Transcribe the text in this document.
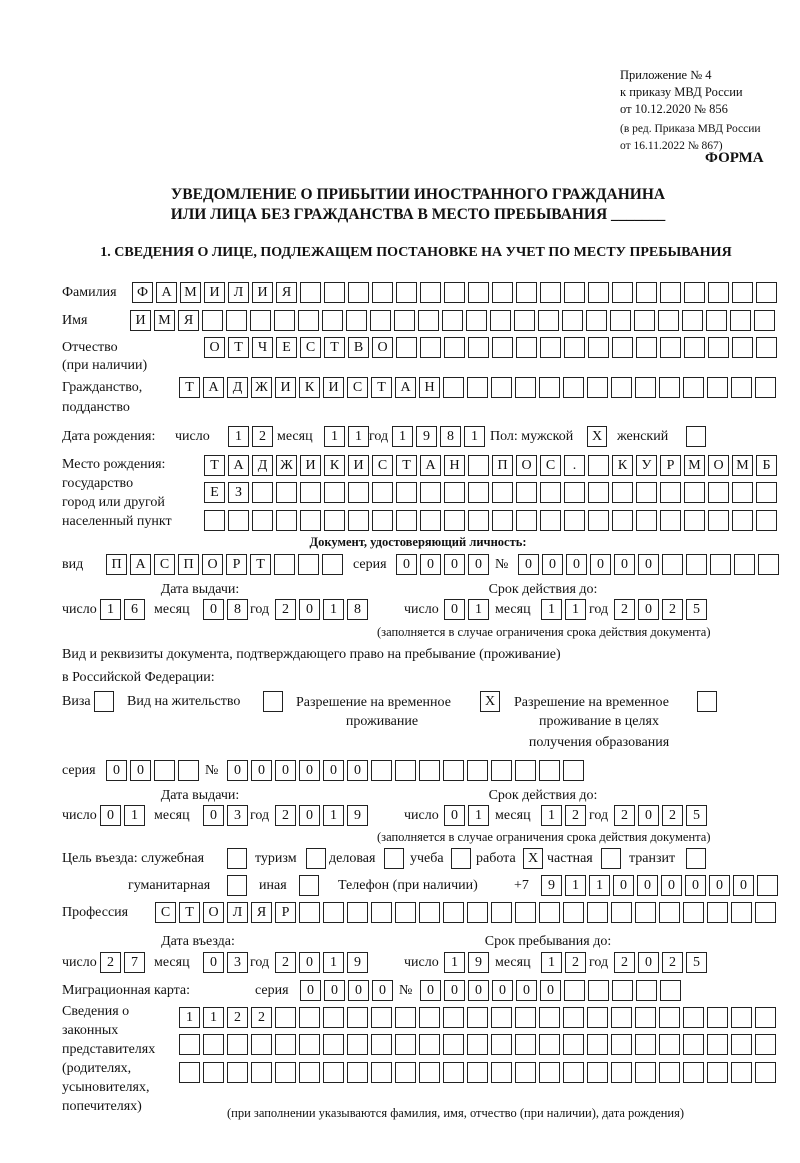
Приложение № 4
к приказу МВД России
от 10.12.2020 № 856
(в ред. Приказа МВД России
от 16.11.2022 № 867)
ФОРМА
УВЕДОМЛЕНИЕ О ПРИБЫТИИ ИНОСТРАННОГО ГРАЖДАНИНА
ИЛИ ЛИЦА БЕЗ ГРАЖДАНСТВА В МЕСТО ПРЕБЫВАНИЯ _______
1. СВЕДЕНИЯ О ЛИЦЕ, ПОДЛЕЖАЩЕМ ПОСТАНОВКЕ НА УЧЕТ ПО МЕСТУ ПРЕБЫВАНИЯ
Фамилия	Ф А М И	Л	И	Я
Имя	И М Я
Отчество
(при наличии)
О	Т	Ч	Е	С	Т	В	О
Гражданство,
подданство
Т	А	Д Ж И	К	И	С	Т	А Н
Дата рождения: число	1	2 месяц	1	1 год 1	9	8	1 Пол: мужской	X	женский
Место рождения:
государство
город или другой
населенный пункт
Т	А	Д Ж И	К	И	С	Т	А Н	П О	С	.	К	У	Р М О М Б
Е	З
Документ, удостоверяющий личность:
вид	П А	С	П О	Р	Т	серия	0	0	0	0 №	0	0	0	0	0	0
Дата выдачи:	Срок действия до:
число 1	6	месяц	0	8 год 2	0	1	8	число 0	1 месяц	1	1 год 2	0	2	5
(заполняется в случае ограничения срока действия документа)
Вид и реквизиты документа, подтверждающего право на пребывание (проживание)
в Российской Федерации:
Виза	Вид на жительство	Разрешение на временное
проживание
X	Разрешение на временное
проживание в целях
получения образования
серия	0	0	№	0	0	0	0	0	0
Дата выдачи:	Срок действия до:
число 0	1	месяц	0	3 год 2	0	1	9	число 0	1 месяц	1	2 год 2	0	2	5
(заполняется в случае ограничения срока действия документа)
Цель въезда: служебная	туризм деловая учеба работа X частная	транзит
гуманитарная	иная	Телефон (при наличии)	+7	9	1	1	0	0	0	0	0	0
Профессия	С	Т	О	Л	Я	Р
Дата въезда:	Срок пребывания до:
число 2	7	месяц	0	3 год 2	0	1	9	число 1	9 месяц	1	2 год 2	0	2	5
Миграционная карта:	серия	0	0	0	0 №	0	0	0	0	0	0
Сведения о
законных
представителях
(родителях,
усыновителях,
попечителях)
1	1	2	2
(при заполнении указываются фамилия, имя, отчество (при наличии), дата рождения)
